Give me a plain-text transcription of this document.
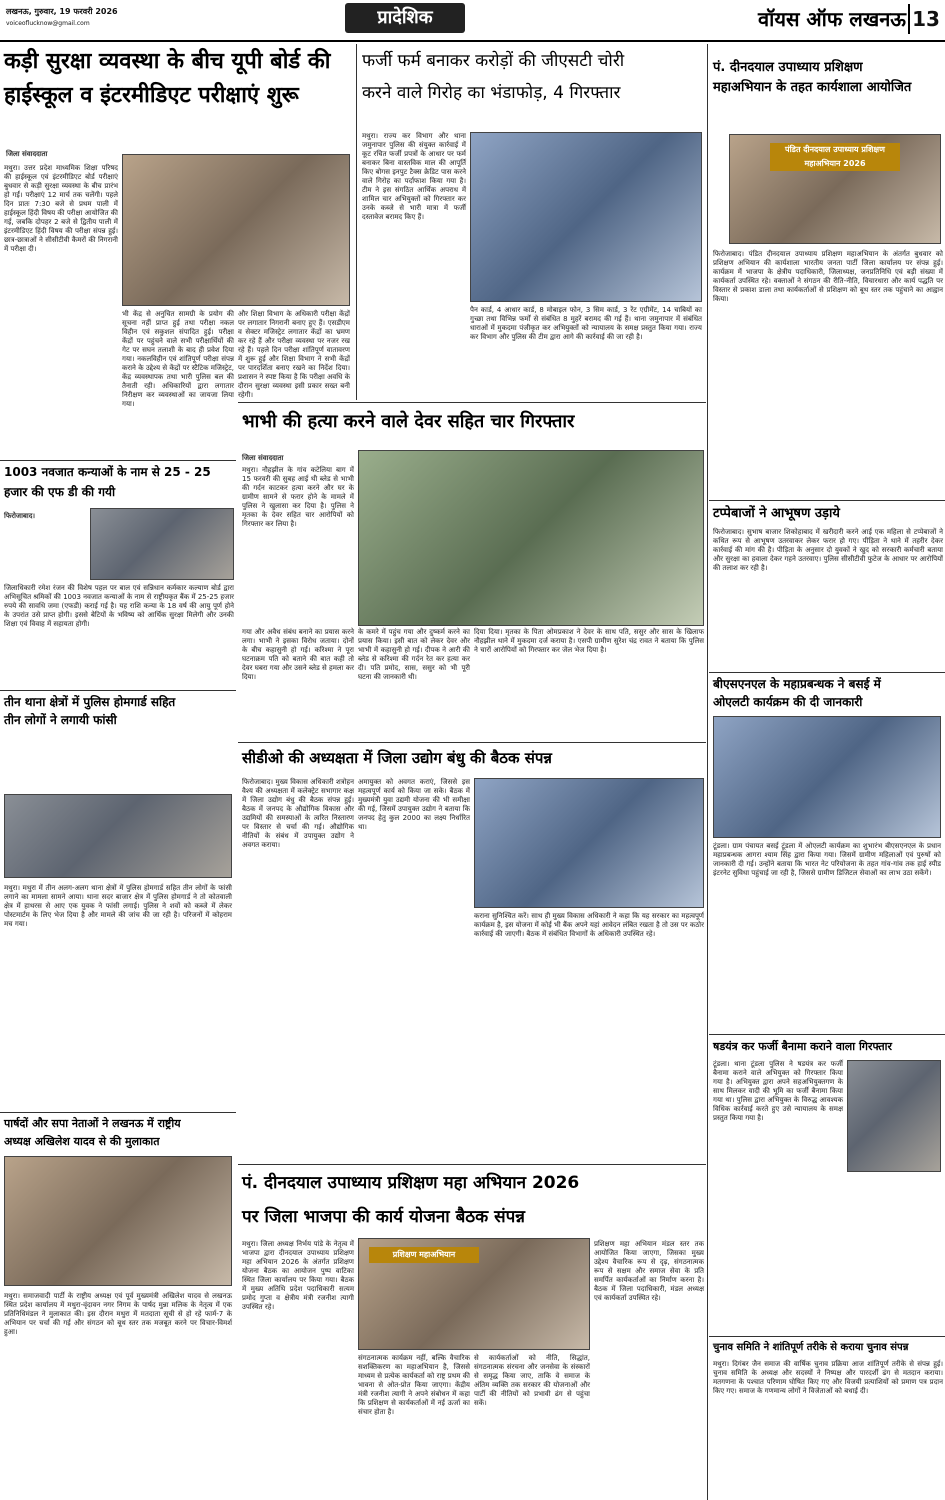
लखनऊ, गुरुवार, 19 फरवरी 2026
voiceoflucknow@gmail.com	प्रादेशिक	वॉयस ऑफ लखनऊ 13
कड़ी सुरक्षा व्यवस्था के बीच यूपी बोर्ड की
हाईस्कूल व इंटरमीडिएट परीक्षाएं शुरू
जिला संवाददाता
मथुरा। उत्तर प्रदेश माध्यमिक शिक्षा परिषद की हाईस्कूल एवं इंटरमीडिएट बोर्ड परीक्षाएं बुधवार से कड़ी सुरक्षा व्यवस्था के बीच प्रारंभ हो गईं। परीक्षाएं 12 मार्च तक चलेंगी। पहले दिन प्रातः 7:30 बजे से प्रथम पाली में हाईस्कूल हिंदी विषय की परीक्षा आयोजित की गई, जबकि दोपहर 2 बजे से द्वितीय पाली में इंटरमीडिएट हिंदी विषय की परीक्षा संपन्न हुई। छात्र-छात्राओं ने सीसीटीवी कैमरों की निगरानी में परीक्षा दी।
भी केंद्र से अनुचित सामग्री के प्रयोग की सूचना नहीं प्राप्त हुई तथा परीक्षा नकल विहीन एवं सकुशल संपादित हुई। परीक्षा केंद्रों पर पहुंचने वाले सभी परीक्षार्थियों की गेट पर सघन तलाशी के बाद ही प्रवेश दिया गया। नकलविहीन एवं शांतिपूर्ण परीक्षा संपन्न कराने के उद्देश्य से केंद्रों पर स्टैटिक मजिस्ट्रेट, केंद्र व्यवस्थापक तथा भारी पुलिस बल की तैनाती रही। अधिकारियों द्वारा लगातार निरीक्षण कर व्यवस्थाओं का जायजा लिया गया।
और शिक्षा विभाग के अधिकारी परीक्षा केंद्रों पर लगातार निगरानी बनाए हुए हैं। एसडीएम व सेक्टर मजिस्ट्रेट लगातार केंद्रों का भ्रमण कर रहे हैं और परीक्षा व्यवस्था पर नजर रख रहे हैं। पहले दिन परीक्षा शांतिपूर्ण वातावरण में शुरू हुई और शिक्षा विभाग ने सभी केंद्रों पर पारदर्शिता बनाए रखने का निर्देश दिया। प्रशासन ने स्पष्ट किया है कि परीक्षा अवधि के दौरान सुरक्षा व्यवस्था इसी प्रकार सख्त बनी रहेगी।
फर्जी फर्म बनाकर करोड़ों की जीएसटी चोरी
करने वाले गिरोह का भंडाफोड़, 4 गिरफ्तार
मथुरा। राज्य कर विभाग और थाना जमुनापार पुलिस की संयुक्त कार्रवाई में कूट रचित फर्जी प्रपत्रों के आधार पर फर्म बनाकर बिना वास्तविक माल की आपूर्ति किए बोगस इनपुट टैक्स क्रेडिट पास करने वाले गिरोह का पर्दाफाश किया गया है। टीम ने इस संगठित आर्थिक अपराध में शामिल चार अभियुक्तों को गिरफ्तार कर उनके कब्जे से भारी मात्रा में फर्जी दस्तावेज बरामद किए हैं।
पैन कार्ड, 4 आधार कार्ड, 8 मोबाइल फोन, 3 सिम कार्ड, 3 रेंट एग्रीमेंट, 14 चाबियों का गुच्छा तथा विभिन्न फर्मों से संबंधित 8 मुहरें बरामद की गई हैं। थाना जमुनापार में संबंधित धाराओं में मुकदमा पंजीकृत कर अभियुक्तों को न्यायालय के समक्ष प्रस्तुत किया गया। राज्य कर विभाग और पुलिस की टीम द्वारा आगे की कार्रवाई की जा रही है।
पं. दीनदयाल उपाध्याय प्रशिक्षण
महाअभियान के तहत कार्यशाला आयोजित
पंडित दीनदयाल उपाध्याय प्रशिक्षण महाअभियान 2026
फिरोजाबाद। पंडित दीनदयाल उपाध्याय प्रशिक्षण महाअभियान के अंतर्गत बुधवार को प्रशिक्षण अभियान की कार्यशाला भारतीय जनता पार्टी जिला कार्यालय पर संपन्न हुई। कार्यक्रम में भाजपा के क्षेत्रीय पदाधिकारी, जिलाध्यक्ष, जनप्रतिनिधि एवं बड़ी संख्या में कार्यकर्ता उपस्थित रहे। वक्ताओं ने संगठन की रीति-नीति, विचारधारा और कार्य पद्धति पर विस्तार से प्रकाश डाला तथा कार्यकर्ताओं से प्रशिक्षण को बूथ स्तर तक पहुंचाने का आह्वान किया।
1003 नवजात कन्याओं के नाम से 25 - 25
हजार की एफ डी की गयी
फिरोजाबाद।
जिलाधिकारी रमेश रंजन की विशेष पहल पर बाल एवं सन्निधान कर्मकार कल्याण बोर्ड द्वारा अभिसूचित श्रमिकों की 1003 नवजात कन्याओं के नाम से राष्ट्रीयकृत बैंक में 25-25 हजार रुपये की सावधि जमा (एफडी) कराई गई है। यह राशि कन्या के 18 वर्ष की आयु पूर्ण होने के उपरांत उसे प्राप्त होगी। इससे बेटियों के भविष्य को आर्थिक सुरक्षा मिलेगी और उनकी शिक्षा एवं विवाह में सहायता होगी।
तीन थाना क्षेत्रों में पुलिस होमगार्ड सहित
तीन लोगों ने लगायी फांसी
मथुरा। मथुरा में तीन अलग-अलग थाना क्षेत्रों में पुलिस होमगार्ड सहित तीन लोगों के फांसी लगाने का मामला सामने आया। थाना सदर बाजार क्षेत्र में पुलिस होमगार्ड ने तो कोतवाली क्षेत्र में हाथरस से आए एक युवक ने फांसी लगाई। पुलिस ने शवों को कब्जे में लेकर पोस्टमार्टम के लिए भेज दिया है और मामले की जांच की जा रही है। परिजनों में कोहराम मच गया।
भाभी की हत्या करने वाले देवर सहित चार गिरफ्तार
जिला संवाददाता
मथुरा। नौहझील के गांव कटेलिया बाग में 15 फरवरी की सुबह आई थी ब्लेड से भाभी की गर्दन काटकर हत्या करने और घर के ग्रामीण सामने से फरार होने के मामले में पुलिस ने खुलासा कर दिया है। पुलिस ने मृतका के देवर सहित चार आरोपियों को गिरफ्तार कर लिया है।
गया और अवैध संबंध बनाने का प्रयास करने लगा। भाभी ने इसका विरोध जताया। दोनों के बीच कहासुनी हो गई। करिश्मा ने पूरा घटनाक्रम पति को बताने की बात कही तो देवर घबरा गया और उसने ब्लेड से हमला कर दिया।
के कमरे में पहुंच गया और दुष्कर्म करने का प्रयास किया। इसी बात को लेकर देवर और भाभी में कहासुनी हो गई। दीपक ने आरी की ब्लेड से करिश्मा की गर्दन रेत कर हत्या कर दी। पति प्रमोद, सास, ससुर को भी पूरी घटना की जानकारी थी।
दिया दिया। मृतका के पिता ओमप्रकाश ने देवर के साथ पति, ससुर और सास के खिलाफ नौहझील थाने में मुकदमा दर्ज कराया है। एसपी ग्रामीण सुरेश चंद्र रावत ने बताया कि पुलिस ने चारों आरोपियों को गिरफ्तार कर जेल भेज दिया है।
सीडीओ की अध्यक्षता में जिला उद्योग बंधु की बैठक संपन्न
फिरोजाबाद। मुख्य विकास अधिकारी शत्रोहन वैश्य की अध्यक्षता में कलेक्ट्रेट सभागार कक्ष में जिला उद्योग बंधु की बैठक संपन्न हुई। बैठक में जनपद के औद्योगिक विकास और उद्यमियों की समस्याओं के त्वरित निस्तारण पर विस्तार से चर्चा की गई। औद्योगिक नीतियों के संबंध में उपायुक्त उद्योग ने अवगत कराया।
अमायुक्त को अवगत कराएं, जिससे इस महत्वपूर्ण कार्य को किया जा सके। बैठक में मुख्यमंत्री युवा उद्यमी योजना की भी समीक्षा की गई, जिसमें उपायुक्त उद्योग ने बताया कि जनपद हेतु कुल 2000 का लक्ष्य निर्धारित था।
कराना सुनिश्चित करें। साथ ही मुख्य विकास अधिकारी ने कहा कि यह सरकार का महत्वपूर्ण कार्यक्रम है, इस योजना में कोई भी बैंक अपने यहां आवेदन लंबित रखता है तो उस पर कठोर कार्रवाई की जाएगी। बैठक में संबंधित विभागों के अधिकारी उपस्थित रहे।
पार्षदों और सपा नेताओं ने लखनऊ में राष्ट्रीय
अध्यक्ष अखिलेश यादव से की मुलाकात
मथुरा। समाजवादी पार्टी के राष्ट्रीय अध्यक्ष एवं पूर्व मुख्यमंत्री अखिलेश यादव से लखनऊ स्थित प्रदेश कार्यालय में मथुरा-वृंदावन नगर निगम के पार्षद मुन्ना मलिक के नेतृत्व में एक प्रतिनिधिमंडल ने मुलाकात की। इस दौरान मथुरा में मतदाता सूची से हो रहे फार्म-7 के अभियान पर चर्चा की गई और संगठन को बूथ स्तर तक मजबूत करने पर विचार-विमर्श हुआ।
पं. दीनदयाल उपाध्याय प्रशिक्षण महा अभियान 2026
पर जिला भाजपा की कार्य योजना बैठक संपन्न
प्रशिक्षण महाअभियान
मथुरा। जिला अध्यक्ष निर्भय पांडे के नेतृत्व में भाजपा द्वारा दीनदयाल उपाध्याय प्रशिक्षण महा अभियान 2026 के अंतर्गत प्रशिक्षण योजना बैठक का आयोजन पुष्प वाटिका स्थित जिला कार्यालय पर किया गया। बैठक में मुख्य अतिथि प्रदेश पदाधिकारी सत्यम प्रमोद गुप्ता व क्षेत्रीय मंत्री रजनीश त्यागी उपस्थित रहे।
संगठनात्मक कार्यक्रम नहीं, बल्कि वैचारिक सशक्तिकरण का महाअभियान है, जिससे माध्यम से प्रत्येक कार्यकर्ता को राष्ट्र प्रथम की भावना से ओत-प्रोत किया जाएगा। केंद्रीय मंत्री रजनीश त्यागी ने अपने संबोधन में कहा कि प्रशिक्षण से कार्यकर्ताओं में नई ऊर्जा का संचार होता है।
से कार्यकर्ताओं को नीति, सिद्धांत, संगठनात्मक संरचना और जनसेवा के संस्कारों से समृद्ध किया जाए, ताकि वे समाज के अंतिम व्यक्ति तक सरकार की योजनाओं और पार्टी की नीतियों को प्रभावी ढंग से पहुंचा सकें।
प्रशिक्षण महा अभियान मंडल स्तर तक आयोजित किया जाएगा, जिसका मुख्य उद्देश्य वैचारिक रूप से दृढ़, संगठनात्मक रूप से सक्षम और समाज सेवा के प्रति समर्पित कार्यकर्ताओं का निर्माण करना है। बैठक में जिला पदाधिकारी, मंडल अध्यक्ष एवं कार्यकर्ता उपस्थित रहे।
टप्पेबाजों ने आभूषण उड़ाये
फिरोजाबाद। सुभाष बाजार शिकोहाबाद में खरीदारी करने आई एक महिला से टप्पेबाजों ने कथित रूप से आभूषण उतरवाकर लेकर फरार हो गए। पीड़िता ने थाने में तहरीर देकर कार्रवाई की मांग की है। पीड़िता के अनुसार दो युवकों ने खुद को सरकारी कर्मचारी बताया और सुरक्षा का हवाला देकर गहने उतरवाए। पुलिस सीसीटीवी फुटेज के आधार पर आरोपियों की तलाश कर रही है।
बीएसएनएल के महाप्रबन्धक ने बसई में
ओएलटी कार्यक्रम की दी जानकारी
टूंडला। ग्राम पंचायत बसई टूंडला में ओएलटी कार्यक्रम का शुभारंभ बीएसएनएल के प्रधान महाप्रबन्धक आगरा श्याम सिंह द्वारा किया गया। जिसमें ग्रामीण महिलाओं एवं पुरुषों को जानकारी दी गई। उन्होंने बताया कि भारत नेट परियोजना के तहत गांव-गांव तक हाई स्पीड इंटरनेट सुविधा पहुंचाई जा रही है, जिससे ग्रामीण डिजिटल सेवाओं का लाभ उठा सकेंगे।
षडयंत्र कर फर्जी बैनामा कराने वाला गिरफ्तार
टूंडला। थाना टूंडला पुलिस ने षडयंत्र कर फर्जी बैनामा कराने वाले अभियुक्त को गिरफ्तार किया गया है। अभियुक्त द्वारा अपने सहअभियुक्तगण के साथ मिलकर वादी की भूमि का फर्जी बैनामा किया गया था। पुलिस द्वारा अभियुक्त के विरुद्ध आवश्यक विधिक कार्रवाई करते हुए उसे न्यायालय के समक्ष प्रस्तुत किया गया है।
चुनाव समिति ने शांतिपूर्ण तरीके से कराया चुनाव संपन्न
मथुरा। दिगंबर जैन समाज की वार्षिक चुनाव प्रक्रिया आज शांतिपूर्ण तरीके से संपन्न हुई। चुनाव समिति के अध्यक्ष और सदस्यों ने निष्पक्ष और पारदर्शी ढंग से मतदान कराया। मतगणना के पश्चात परिणाम घोषित किए गए और विजयी प्रत्याशियों को प्रमाण पत्र प्रदान किए गए। समाज के गणमान्य लोगों ने विजेताओं को बधाई दी।
